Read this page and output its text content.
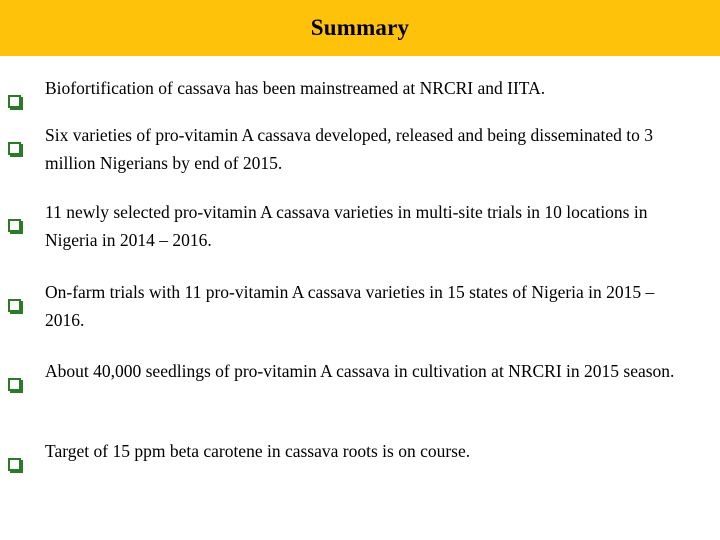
Summary
Biofortification of cassava has been mainstreamed at NRCRI and IITA.
Six varieties of pro-vitamin A cassava developed, released and being disseminated to 3 million Nigerians by end of 2015.
11 newly selected pro-vitamin A cassava varieties in multi-site trials in 10 locations in Nigeria in 2014 – 2016.
On-farm trials with 11 pro-vitamin A cassava varieties in 15 states of Nigeria in 2015 – 2016.
About 40,000 seedlings of pro-vitamin A cassava in cultivation at NRCRI in 2015 season.
Target of 15 ppm beta carotene in cassava roots is on course.
